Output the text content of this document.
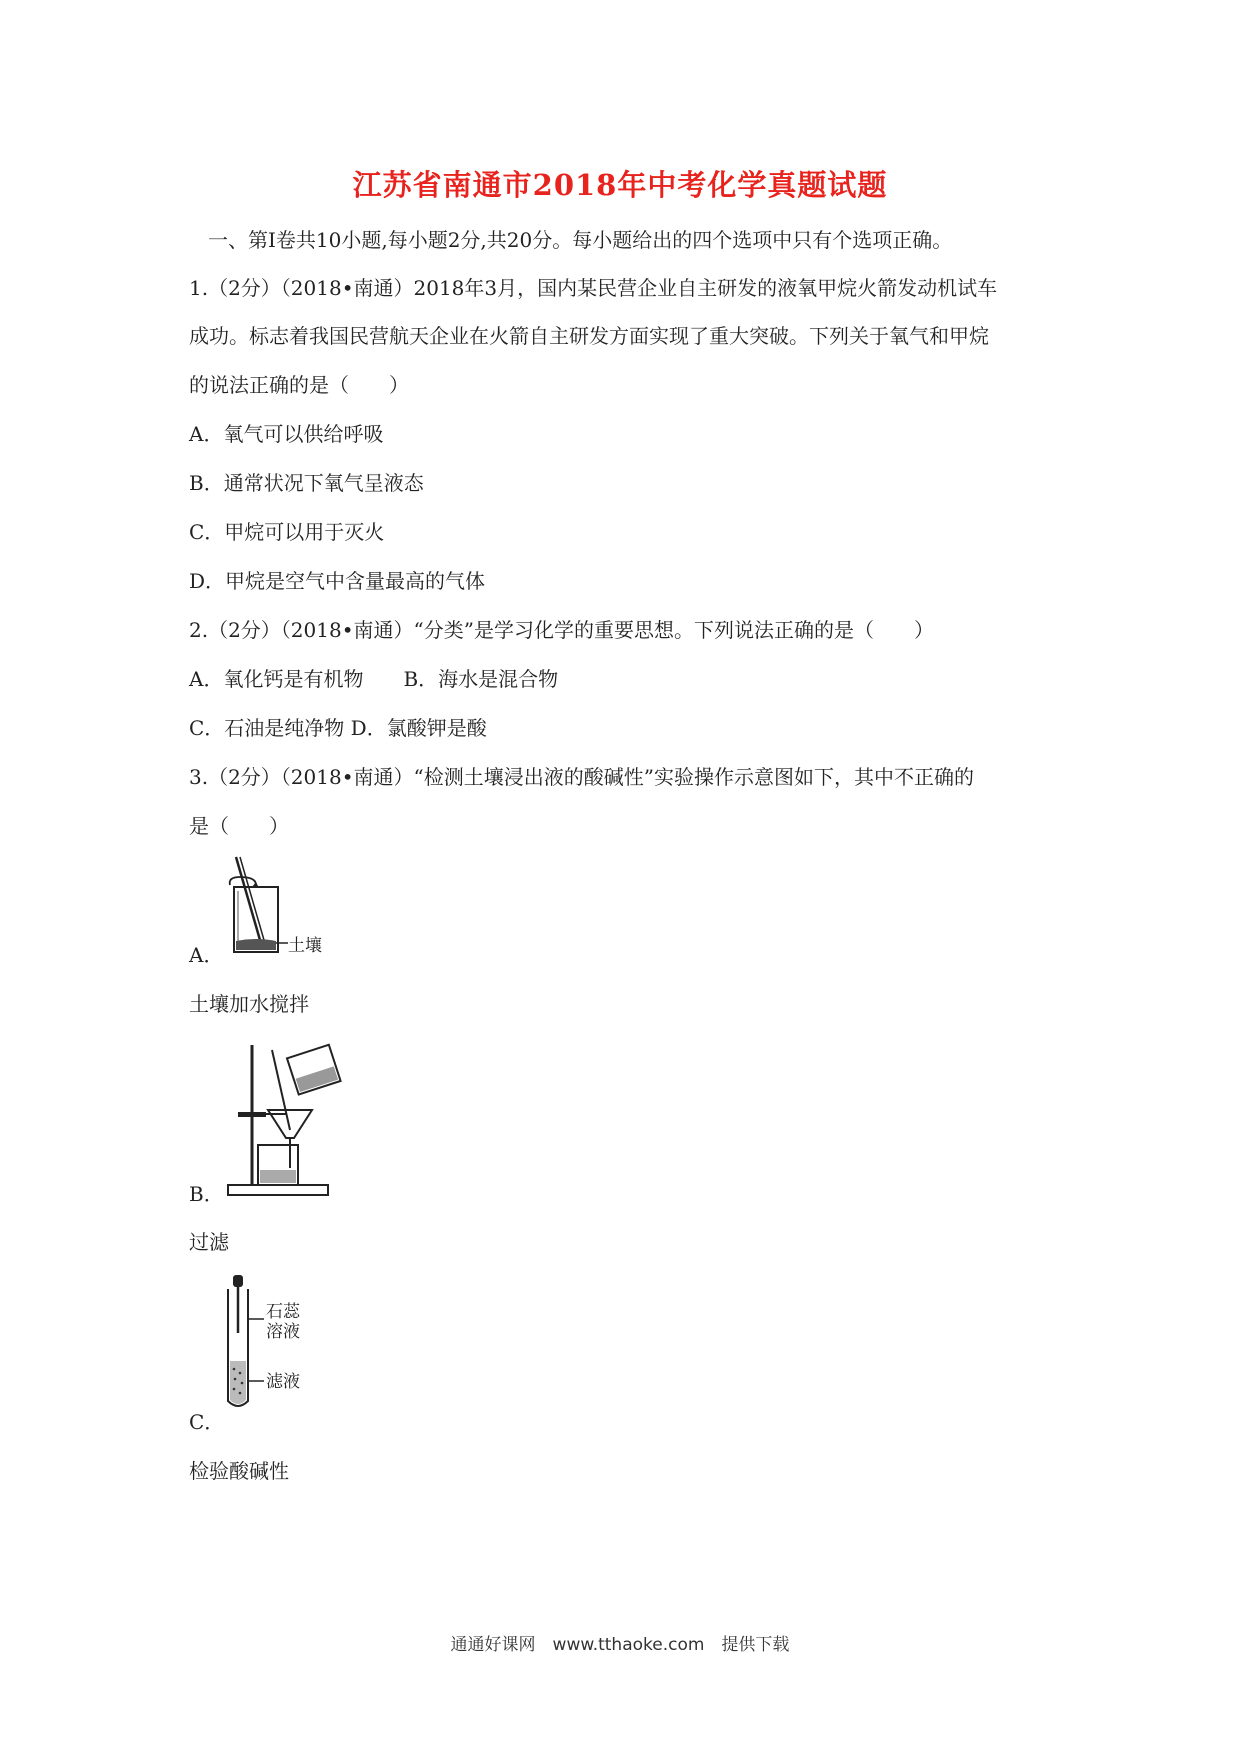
江苏省南通市2018年中考化学真题试题
一、第Ⅰ卷共10小题,每小题2分,共20分。每小题给出的四个选项中只有个选项正确。
1.（2分）（2018•南通）2018年3月，国内某民营企业自主研发的液氧甲烷火箭发动机试车
成功。标志着我国民营航天企业在火箭自主研发方面实现了重大突破。下列关于氧气和甲烷
的说法正确的是（　　）
A．氧气可以供给呼吸
B．通常状况下氧气呈液态
C．甲烷可以用于灭火
D．甲烷是空气中含量最高的气体
2.（2分）（2018•南通）“分类”是学习化学的重要思想。下列说法正确的是（　　）
A．氧化钙是有机物　　B．海水是混合物
C．石油是纯净物 D．氯酸钾是酸
3.（2分）（2018•南通）“检测土壤浸出液的酸碱性”实验操作示意图如下，其中不正确的
是（　　）
土壤
A．
土壤加水搅拌
B．
过滤
石蕊
溶液
滤液
C．
检验酸碱性
通通好课网　www.tthaoke.com　提供下载
